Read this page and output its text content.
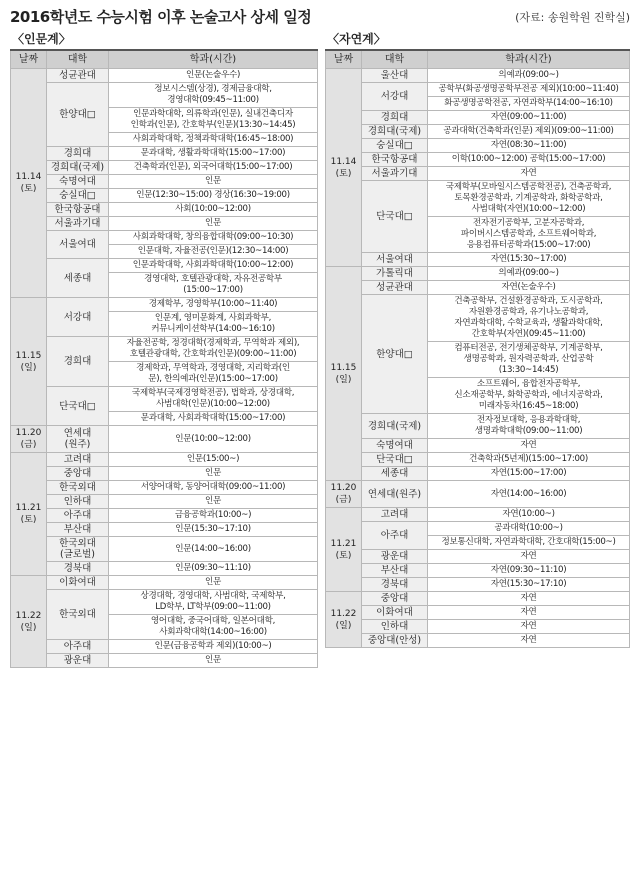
2016학년도 수능시험 이후 논술고사 상세 일정	(자료: 송원학원 진학실)
〈인문계〉	〈자연계〉
날짜	대학	학과(시간)
11.14
(토)	성균관대	인문(논술우수)
	한양대□	정보시스템(상경), 경제금융대학,
경영대학(09:45~11:00)
		인문과학대학, 의류학과(인문), 실내건축디자
인학과(인문), 간호학부(인문)(13:30~14:45)
		사회과학대학, 정책과학대학(16:45~18:00)
	경희대	문과대학, 생활과학대학(15:00~17:00)
	경희대(국제)	건축학과(인문), 외국어대학(15:00~17:00)
	숙명여대	인문
	숭실대□	인문(12:30~15:00) 경상(16:30~19:00)
	한국항공대	사회(10:00~12:00)
	서울과기대	인문
	서울여대	사회과학대학, 창의융합대학(09:00~10:30)
		인문대학, 자율전공(인문)(12:30~14:00)
	세종대	인문과학대학, 사회과학대학(10:00~12:00)
		경영대학, 호텔관광대학, 자유전공학부
(15:00~17:00)
11.15
(일)	서강대	경제학부, 경영학부(10:00~11:40)
		인문계, 영미문화계, 사회과학부,
커뮤니케이션학부(14:00~16:10)
	경희대	자율전공학, 정경대학(경제학과, 무역학과 제외),
호텔관광대학, 간호학과(인문)(09:00~11:00)
		경제학과, 무역학과, 경영대학, 지리학과(인
문), 한의예과(인문)(15:00~17:00)
	단국대□	국제학부(국제경영학전공), 법학과, 상경대학,
사범대학(인문)(10:00~12:00)
		문과대학, 사회과학대학(15:00~17:00)
11.20
(금)	연세대
(원주)	인문(10:00~12:00)
11.21
(토)	고려대	인문(15:00~)
	중앙대	인문
	한국외대	서양어대학, 동양어대학(09:00~11:00)
	인하대	인문
	아주대	금융공학과(10:00~)
	부산대	인문(15:30~17:10)
	한국외대
(글로벌)	인문(14:00~16:00)
	경북대	인문(09:30~11:10)
11.22
(일)	이화여대	인문
	한국외대	상경대학, 경영대학, 사범대학, 국제학부,
LD학부, LT학부(09:00~11:00)
		영어대학, 중국어대학, 일본어대학,
사회과학대학(14:00~16:00)
	아주대	인문(금융공학과 제외)(10:00~)
	광운대	인문
날짜	대학	학과(시간)
11.14
(토)	울산대	의예과(09:00~)
	서강대	공학부(화공생명공학부전공 제외)(10:00~11:40)
		화공생명공학전공, 자연과학부(14:00~16:10)
	경희대	자연(09:00~11:00)
	경희대(국제)	공과대학(건축학과(인문) 제외)(09:00~11:00)
	숭실대□	자연(08:30~11:00)
	한국항공대	이학(10:00~12:00) 공학(15:00~17:00)
	서울과기대	자연
	단국대□	국제학부(모바일시스템공학전공), 건축공학과,
토목환경공학과, 기계공학과, 화학공학과,
사범대학(자연)(10:00~12:00)
		전자전기공학부, 고분자공학과,
파이버시스템공학과, 소프트웨어학과,
응용컴퓨터공학과(15:00~17:00)
	서울여대	자연(15:30~17:00)
11.15
(일)	가톨릭대	의예과(09:00~)
	성균관대	자연(논술우수)
	한양대□	건축공학부, 건설환경공학과, 도시공학과,
자원환경공학과, 유기나노공학과,
자연과학대학, 수학교육과, 생활과학대학,
간호학부(자연)(09:45~11:00)
		컴퓨터전공, 전기생체공학부, 기계공학부,
생명공학과, 원자력공학과, 산업공학
(13:30~14:45)
		소프트웨어, 융합전자공학부,
신소재공학부, 화학공학과, 에너지공학과,
미래자동차(16:45~18:00)
	경희대(국제)	전자정보대학, 응용과학대학,
생명과학대학(09:00~11:00)
	숙명여대	자연
	단국대□	건축학과(5년제)(15:00~17:00)
	세종대	자연(15:00~17:00)
11.20
(금)	연세대(원주)	자연(14:00~16:00)
11.21
(토)	고려대	자연(10:00~)
	아주대	공과대학(10:00~)
		정보통신대학, 자연과학대학, 간호대학(15:00~)
	광운대	자연
	부산대	자연(09:30~11:10)
	경북대	자연(15:30~17:10)
11.22
(일)	중앙대	자연
	이화여대	자연
	인하대	자연
	중앙대(안성)	자연
